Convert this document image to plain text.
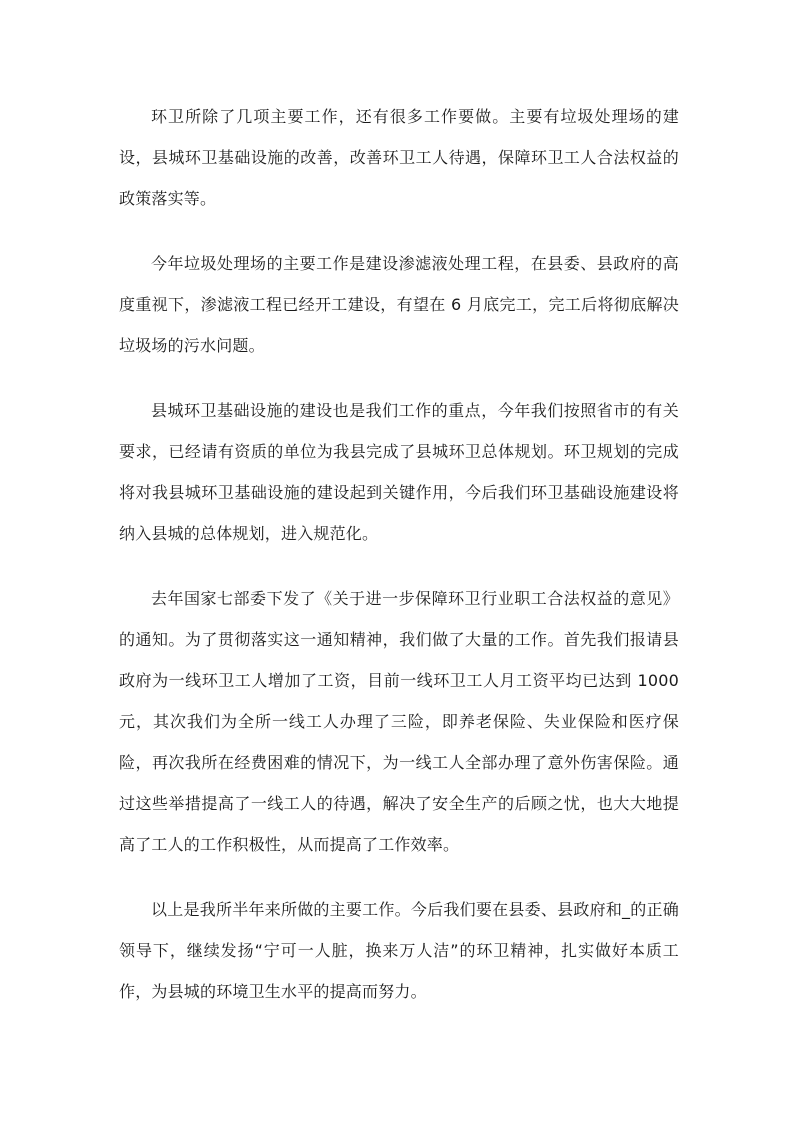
环卫所除了几项主要工作，还有很多工作要做。主要有垃圾处理场的建设，县城环卫基础设施的改善，改善环卫工人待遇，保障环卫工人合法权益的政策落实等。

今年垃圾处理场的主要工作是建设渗滤液处理工程，在县委、县政府的高度重视下，渗滤液工程已经开工建设，有望在 6 月底完工，完工后将彻底解决垃圾场的污水问题。

县城环卫基础设施的建设也是我们工作的重点，今年我们按照省市的有关要求，已经请有资质的单位为我县完成了县城环卫总体规划。环卫规划的完成将对我县城环卫基础设施的建设起到关键作用，今后我们环卫基础设施建设将纳入县城的总体规划，进入规范化。

去年国家七部委下发了《关于进一步保障环卫行业职工合法权益的意见》的通知。为了贯彻落实这一通知精神，我们做了大量的工作。首先我们报请县政府为一线环卫工人增加了工资，目前一线环卫工人月工资平均已达到 1000 元，其次我们为全所一线工人办理了三险，即养老保险、失业保险和医疗保险，再次我所在经费困难的情况下，为一线工人全部办理了意外伤害保险。通过这些举措提高了一线工人的待遇，解决了安全生产的后顾之忧，也大大地提高了工人的工作积极性，从而提高了工作效率。

以上是我所半年来所做的主要工作。今后我们要在县委、县政府和_的正确领导下，继续发扬“宁可一人脏，换来万人洁”的环卫精神，扎实做好本质工作，为县城的环境卫生水平的提高而努力。
